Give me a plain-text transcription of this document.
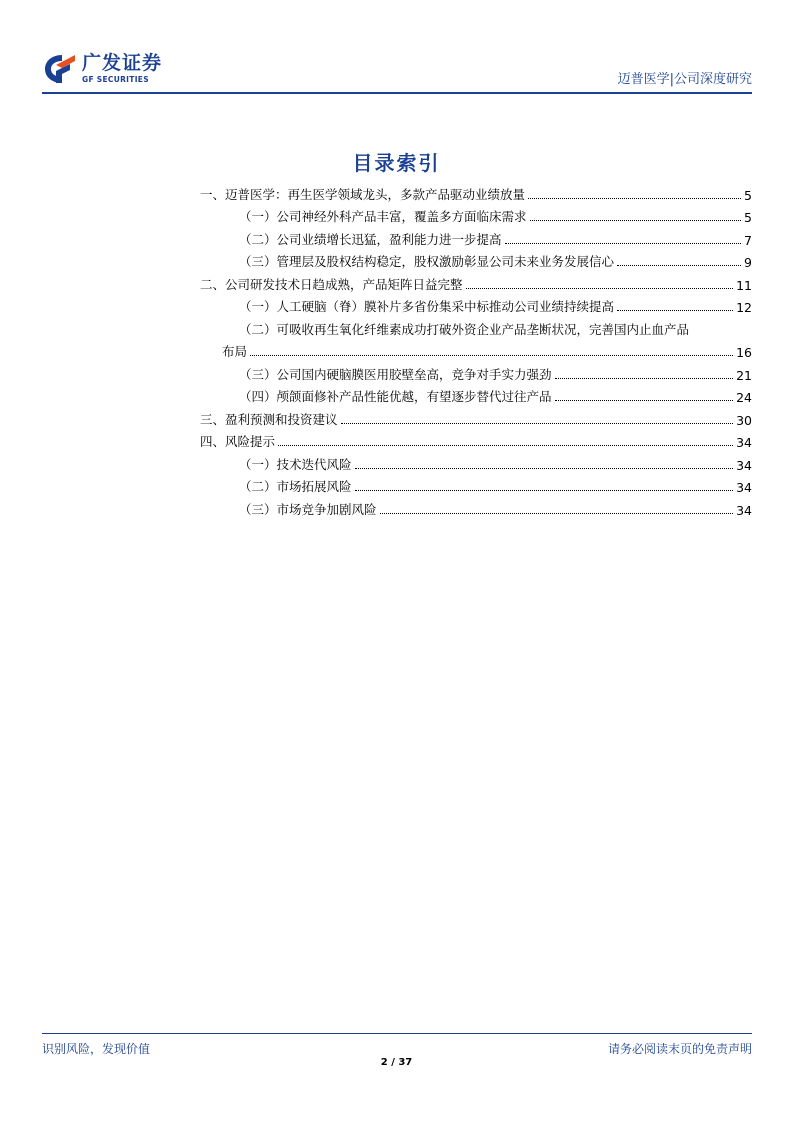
广发证券
GF SECURITIES	迈普医学|公司深度研究
目录索引
一、迈普医学：再生医学领域龙头，多款产品驱动业绩放量	5
（一）公司神经外科产品丰富，覆盖多方面临床需求	5
（二）公司业绩增长迅猛，盈利能力进一步提高	7
（三）管理层及股权结构稳定，股权激励彰显公司未来业务发展信心	9
二、公司研发技术日趋成熟，产品矩阵日益完整	11
（一）人工硬脑（脊）膜补片多省份集采中标推动公司业绩持续提高	12
（二）可吸收再生氧化纤维素成功打破外资企业产品垄断状况，完善国内止血产品
布局	16
（三）公司国内硬脑膜医用胶壁垒高，竞争对手实力强劲	21
（四）颅颌面修补产品性能优越，有望逐步替代过往产品	24
三、盈利预测和投资建议	30
四、风险提示	34
（一）技术迭代风险	34
（二）市场拓展风险	34
（三）市场竞争加剧风险	34
识别风险，发现价值	请务必阅读末页的免责声明
2 / 37
